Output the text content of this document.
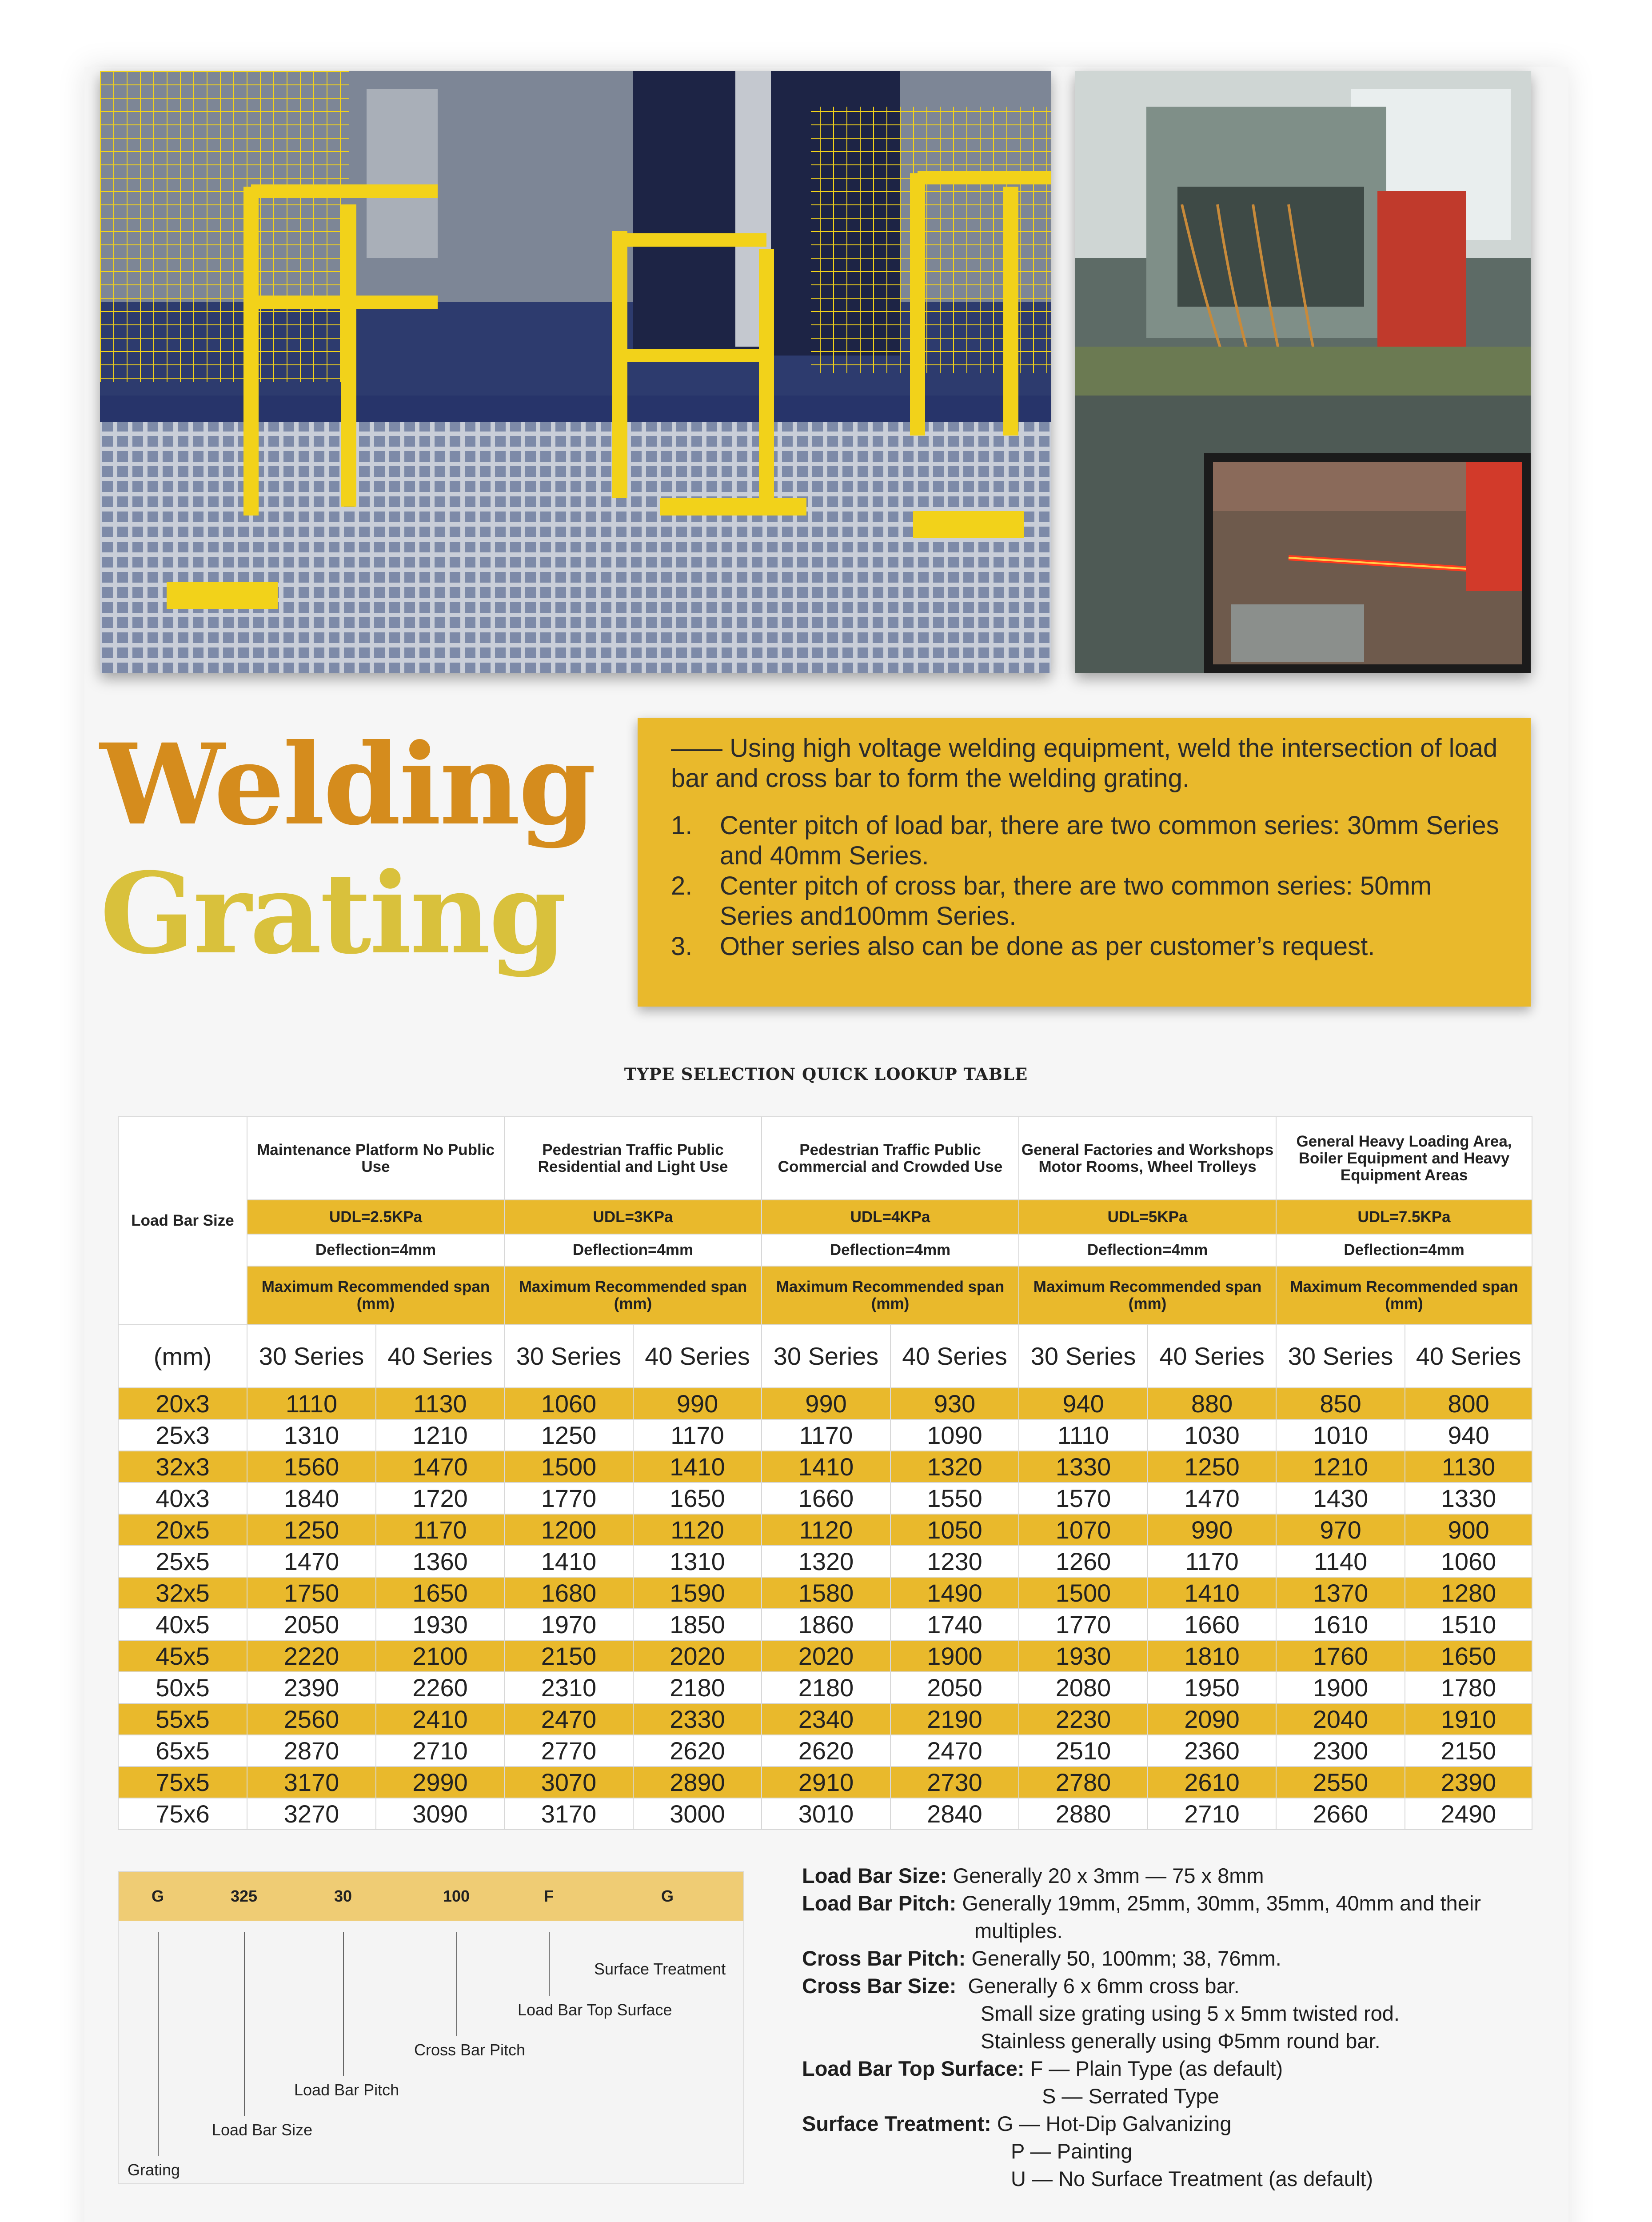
Welding
Grating

—— Using high voltage welding equipment, weld the intersection of load bar and cross bar to form the welding grating.

1.	Center pitch of load bar, there are two common series: 30mm Series and 40mm Series.
2.	Center pitch of cross bar, there are two common series: 50mm Series and100mm Series.
3.	Other series also can be done as per customer’s request.
TYPE SELECTION QUICK LOOKUP TABLE
Load Bar Size	Maintenance Platform No Public Use		Pedestrian Traffic Public Residential and Light Use		Pedestrian Traffic Public Commercial and Crowded Use		General Factories and Workshops Motor Rooms, Wheel Trolleys		General Heavy Loading Area, Boiler Equipment and Heavy Equipment Areas	
	UDL=2.5KPa		UDL=3KPa		UDL=4KPa		UDL=5KPa		UDL=7.5KPa	
	Deflection=4mm		Deflection=4mm		Deflection=4mm		Deflection=4mm		Deflection=4mm	
	Maximum Recommended span (mm)		Maximum Recommended span (mm)		Maximum Recommended span (mm)		Maximum Recommended span (mm)		Maximum Recommended span (mm)	
(mm)	30 Series	40 Series	30 Series	40 Series	30 Series	40 Series	30 Series	40 Series	30 Series	40 Series
20x3	1110	1130	1060	990	990	930	940	880	850	800
25x3	1310	1210	1250	1170	1170	1090	1110	1030	1010	940
32x3	1560	1470	1500	1410	1410	1320	1330	1250	1210	1130
40x3	1840	1720	1770	1650	1660	1550	1570	1470	1430	1330
20x5	1250	1170	1200	1120	1120	1050	1070	990	970	900
25x5	1470	1360	1410	1310	1320	1230	1260	1170	1140	1060
32x5	1750	1650	1680	1590	1580	1490	1500	1410	1370	1280
40x5	2050	1930	1970	1850	1860	1740	1770	1660	1610	1510
45x5	2220	2100	2150	2020	2020	1900	1930	1810	1760	1650
50x5	2390	2260	2310	2180	2180	2050	2080	1950	1900	1780
55x5	2560	2410	2470	2330	2340	2190	2230	2090	2040	1910
65x5	2870	2710	2770	2620	2620	2470	2510	2360	2300	2150
75x5	3170	2990	3070	2890	2910	2730	2780	2610	2550	2390
75x6	3270	3090	3170	3000	3010	2840	2880	2710	2660	2490
G	325	30	100	F	G
Grating
Load Bar Size
Load Bar Pitch
Cross Bar Pitch
Load Bar Top Surface
Surface Treatment
Load Bar Size: Generally 20 x 3mm — 75 x 8mm
Load Bar Pitch: Generally 19mm, 25mm, 30mm, 35mm, 40mm and their
multiples.
Cross Bar Pitch: Generally 50, 100mm; 38, 76mm.
Cross Bar Size: Generally 6 x 6mm cross bar.
Small size grating using 5 x 5mm twisted rod.
Stainless generally using Φ5mm round bar.
Load Bar Top Surface: F — Plain Type (as default)
S — Serrated Type
Surface Treatment: G — Hot-Dip Galvanizing
P — Painting
U — No Surface Treatment (as default)
